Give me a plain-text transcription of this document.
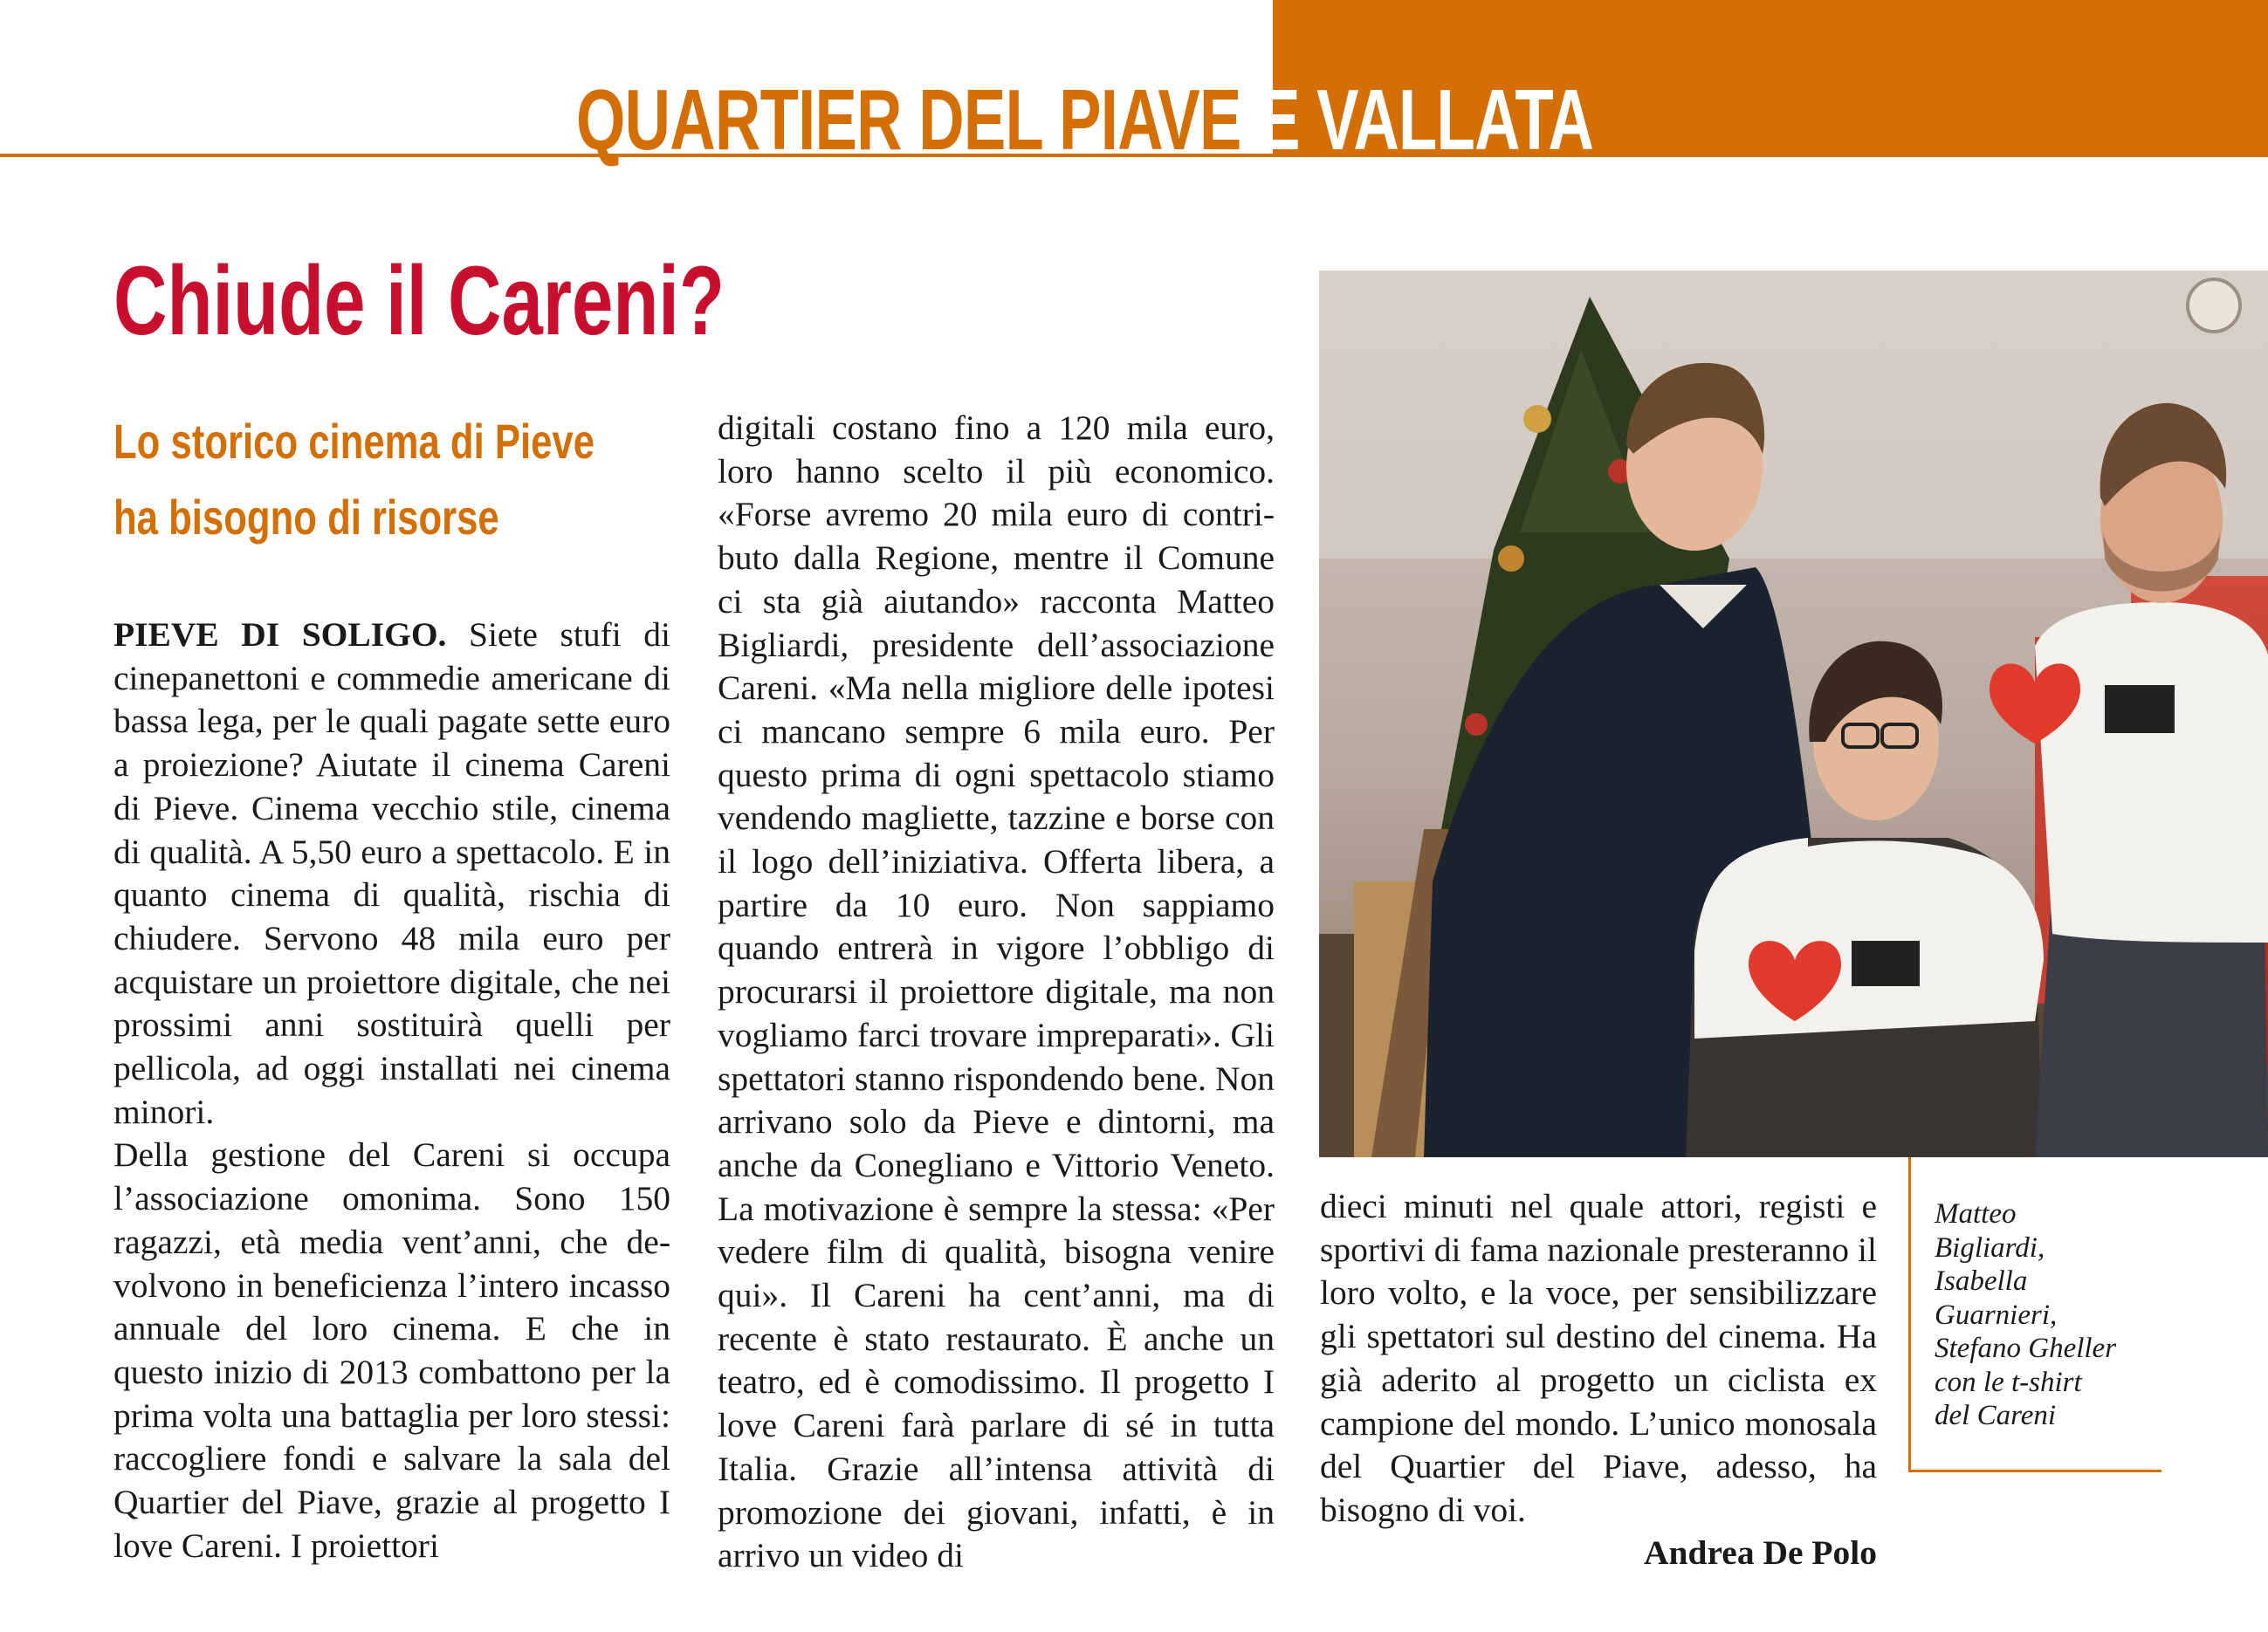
QUARTIER DEL PIAVE E VALLATA
Chiude il Careni?
Lo storico cinema di Pieve
ha bisogno di risorse

PIEVE DI SOLIGO. Siete stufi di cinepanettoni e commedie americane di bassa lega, per le quali pagate sette euro a proiezione? Aiutate il cinema Careni di Pieve. Cinema vecchio stile, cinema di qualità. A 5,50 euro a spettacolo. E in quanto cinema di qualità, rischia di chiudere. Servono 48 mila euro per acquistare un proiettore digitale, che nei prossimi anni sostituirà quelli per pellicola, ad oggi installati nei cinema minori.

Della gestione del Careni si occupa l’associazione omonima. Sono 150 ragazzi, età media vent’anni, che devolvono in beneficienza l’intero incasso annuale del loro cinema. E che in questo inizio di 2013 combattono per la prima volta una battaglia per loro stessi: raccogliere fondi e salvare la sala del Quartier del Piave, grazie al progetto I love Careni. I proiettori

digitali costano fino a 120 mila euro, loro hanno scelto il più economico. «Forse avremo 20 mila euro di contributo dalla Regione, mentre il Comune ci sta già aiutando» racconta Matteo Bigliardi, presidente dell’associazione Careni. «Ma nella migliore delle ipotesi ci mancano sempre 6 mila euro. Per questo prima di ogni spettacolo stiamo vendendo magliette, tazzine e borse con il logo dell’iniziativa. Offerta libera, a partire da 10 euro. Non sappiamo quando entrerà in vigore l’obbligo di procurarsi il proiettore digitale, ma non vogliamo farci trovare impreparati». Gli spettatori stanno rispondendo bene. Non arrivano solo da Pieve e dintorni, ma anche da Conegliano e Vittorio Veneto. La motivazione è sempre la stessa: «Per vedere film di qualità, bisogna venire qui». Il Careni ha cent’anni, ma di recente è stato restaurato. È anche un teatro, ed è comodissimo. Il progetto I love Careni farà parlare di sé in tutta Italia. Grazie all’intensa attività di promozione dei giovani, infatti, è in arrivo un video di

Matteo
Bigliardi,
Isabella
Guarnieri,
Stefano Gheller
con le t-shirt
del Careni

dieci minuti nel quale attori, registi e sportivi di fama nazionale presteranno il loro volto, e la voce, per sensibilizzare gli spettatori sul destino del cinema. Ha già aderito al progetto un ciclista ex campione del mondo. L’unico monosala del Quartier del Piave, adesso, ha bisogno di voi.

Andrea De Polo
